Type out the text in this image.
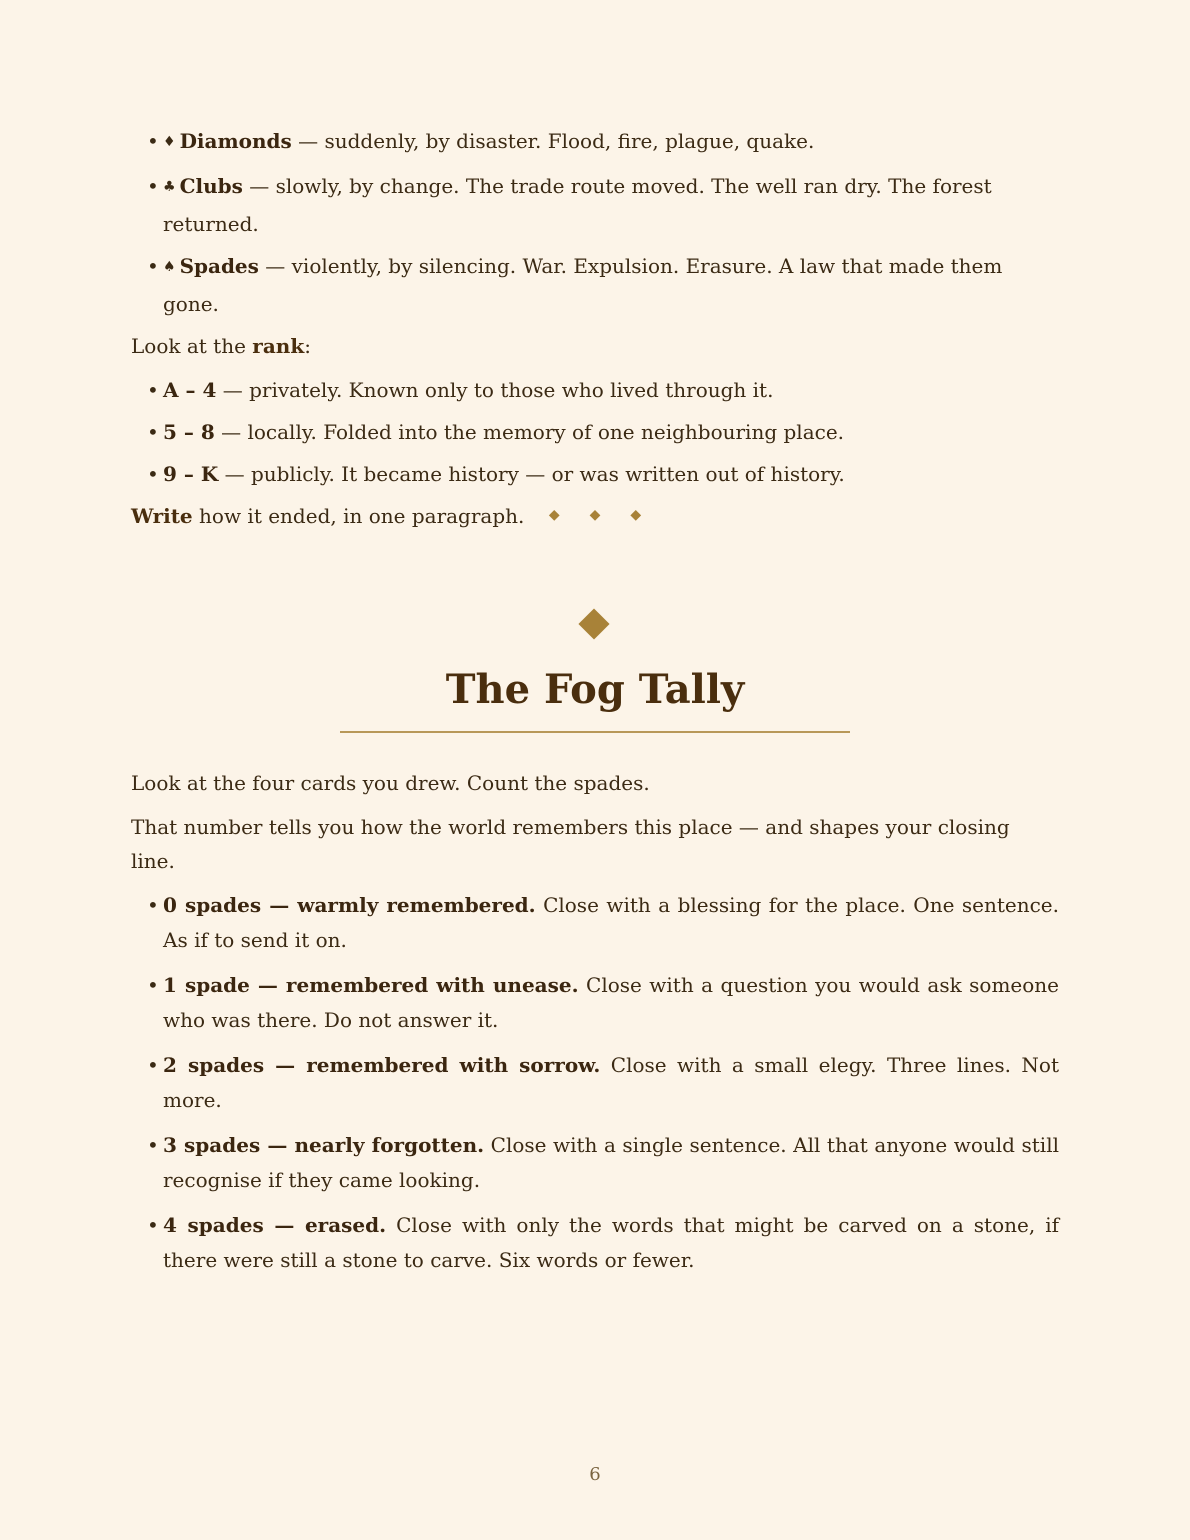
• ♦ Diamonds — suddenly, by disaster. Flood, fire, plague, quake.
• ♣ Clubs — slowly, by change. The trade route moved. The well ran dry. The forest returned.
• ♠ Spades — violently, by silencing. War. Expulsion. Erasure. A law that made them gone.

Look at the rank:

• A – 4 — privately. Known only to those who lived through it.
• 5 – 8 — locally. Folded into the memory of one neighbouring place.
• 9 – K — publicly. It became history — or was written out of history.

Write how it ended, in one paragraph.	◆◆◆
The Fog Tally

Look at the four cards you drew. Count the spades.

That number tells you how the world remembers this place — and shapes your closing line.

• 0 spades — warmly remembered. Close with a blessing for the place. One sentence. As if to send it on.
• 1 spade — remembered with unease. Close with a question you would ask someone who was there. Do not answer it.
• 2 spades — remembered with sorrow. Close with a small elegy. Three lines. Not more.
• 3 spades — nearly forgotten. Close with a single sentence. All that anyone would still recognise if they came looking.
• 4 spades — erased. Close with only the words that might be carved on a stone, if there were still a stone to carve. Six words or fewer.
6
